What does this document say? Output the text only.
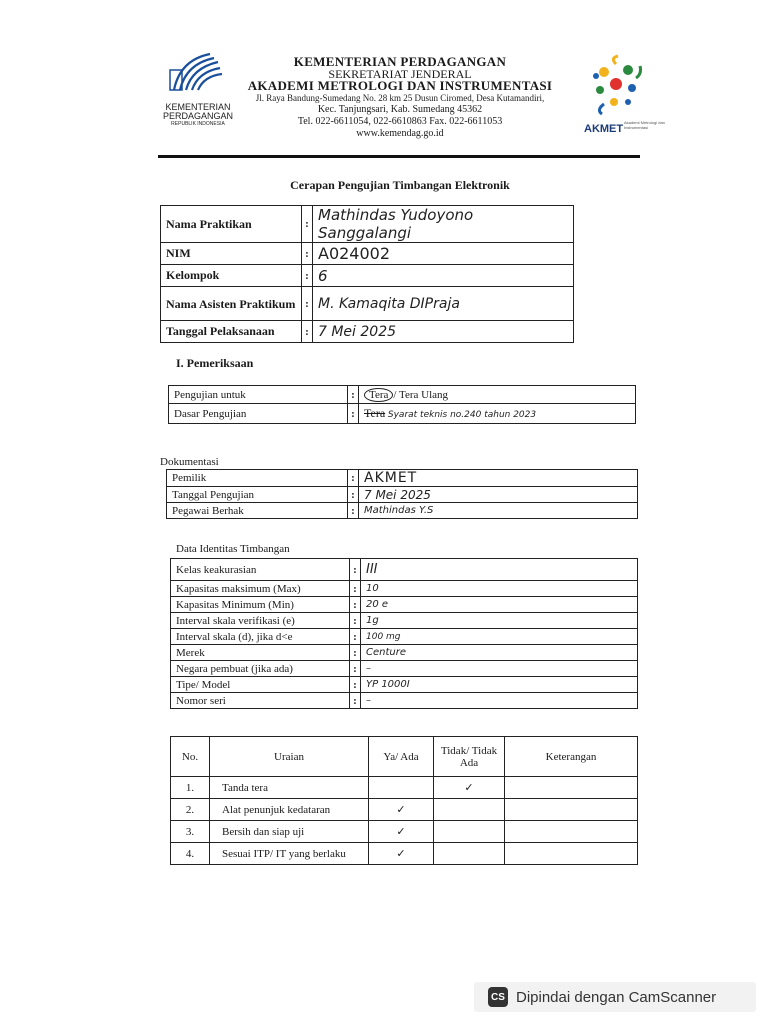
KEMENTERIAN
PERDAGANGAN
REPUBLIK INDONESIA
KEMENTERIAN PERDAGANGAN
SEKRETARIAT JENDERAL
AKADEMI METROLOGI DAN INSTRUMENTASI
Jl. Raya Bandung-Sumedang No. 28 km 25 Dusun Ciromed, Desa Kutamandiri,
Kec. Tanjungsari, Kab. Sumedang 45362
Tel. 022-6611054, 022-6610863 Fax. 022-6611053
www.kemendag.go.id	AKMET
Akademi Metrologi dan Instrumentasi
Cerapan Pengujian Timbangan Elektronik
Nama Praktikan	:	Mathindas Yudoyono Sanggalangi
NIM	:	A024002
Kelompok	:	6
Nama Asisten Praktikum	:	M. Kamaqita DIPraja
Tanggal Pelaksanaan	:	7 Mei 2025
I. Pemeriksaan
Pengujian untuk	:	Tera / Tera Ulang
Dasar Pengujian	:	Tera Syarat teknis no.240 tahun 2023
Dokumentasi
Pemilik	:	AKMET
Tanggal Pengujian	:	7 Mei 2025
Pegawai Berhak	:	Mathindas Y.S
Data Identitas Timbangan
Kelas keakurasian	:	III
Kapasitas maksimum (Max)	:	10
Kapasitas Minimum (Min)	:	20 e
Interval skala verifikasi (e)	:	1g
Interval skala (d), jika d<e	:	100 mg
Merek	:	Centure
Negara pembuat (jika ada)	:	–
Tipe/ Model	:	YP 1000I
Nomor seri	:	–
No.	Uraian	Ya/ Ada	Tidak/ Tidak Ada	Keterangan
1.	Tanda tera		✓	
2.	Alat penunjuk kedataran	✓		
3.	Bersih dan siap uji	✓		
4.	Sesuai ITP/ IT yang berlaku	✓		
CS Dipindai dengan CamScanner
